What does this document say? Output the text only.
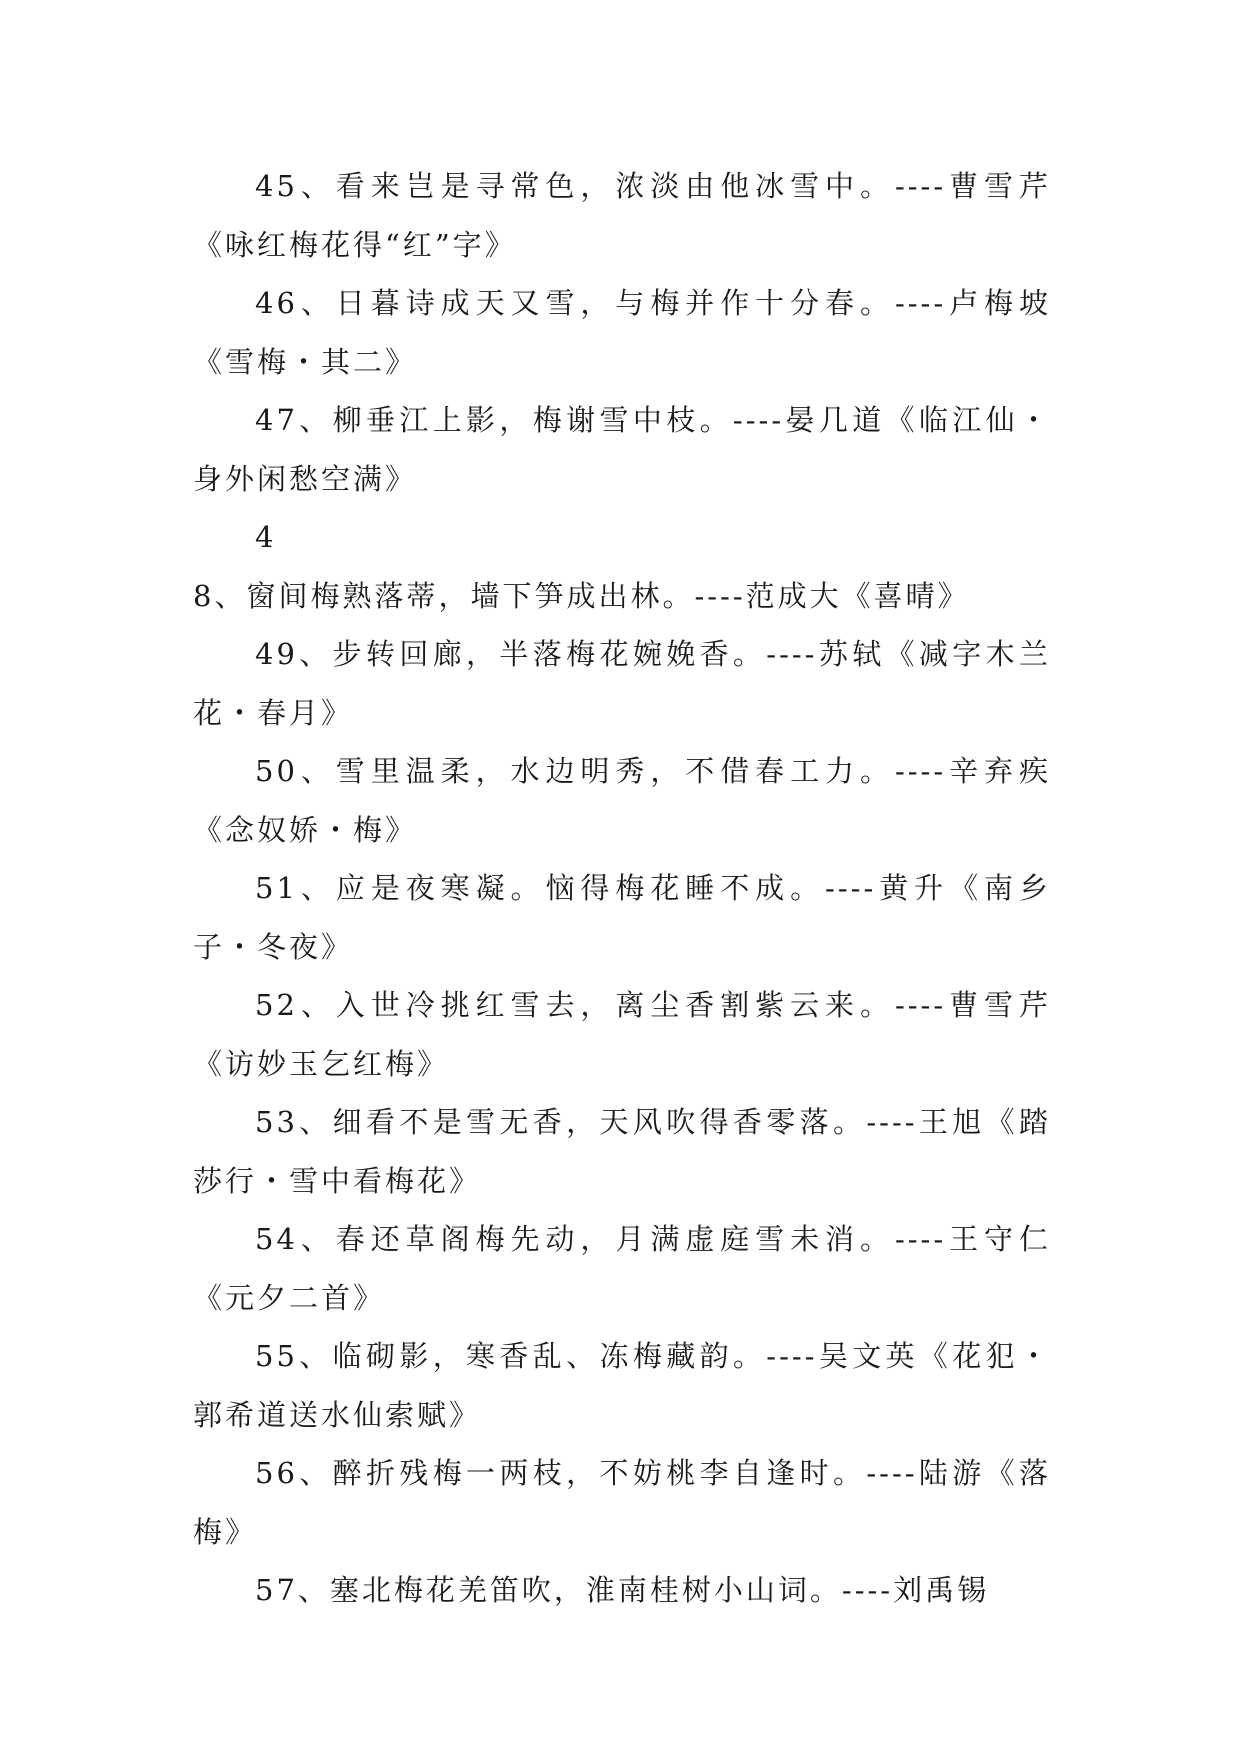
45、看来岂是寻常色，浓淡由他冰雪中。----曹雪芹《咏红梅花得“红”字》

46、日暮诗成天又雪，与梅并作十分春。----卢梅坡《雪梅・其二》

47、柳垂江上影，梅谢雪中枝。----晏几道《临江仙・身外闲愁空满》

48、窗间梅熟落蒂，墙下笋成出林。----范成大《喜晴》

49、步转回廊，半落梅花婉娩香。----苏轼《减字木兰花・春月》

50、雪里温柔，水边明秀，不借春工力。----辛弃疾《念奴娇・梅》

51、应是夜寒凝。恼得梅花睡不成。----黄升《南乡子・冬夜》

52、入世冷挑红雪去，离尘香割紫云来。----曹雪芹《访妙玉乞红梅》

53、细看不是雪无香，天风吹得香零落。----王旭《踏莎行・雪中看梅花》

54、春还草阁梅先动，月满虚庭雪未消。----王守仁《元夕二首》

55、临砌影，寒香乱、冻梅藏韵。----吴文英《花犯・郭希道送水仙索赋》

56、醉折残梅一两枝，不妨桃李自逢时。----陆游《落梅》

57、塞北梅花羌笛吹，淮南桂树小山词。----刘禹锡
